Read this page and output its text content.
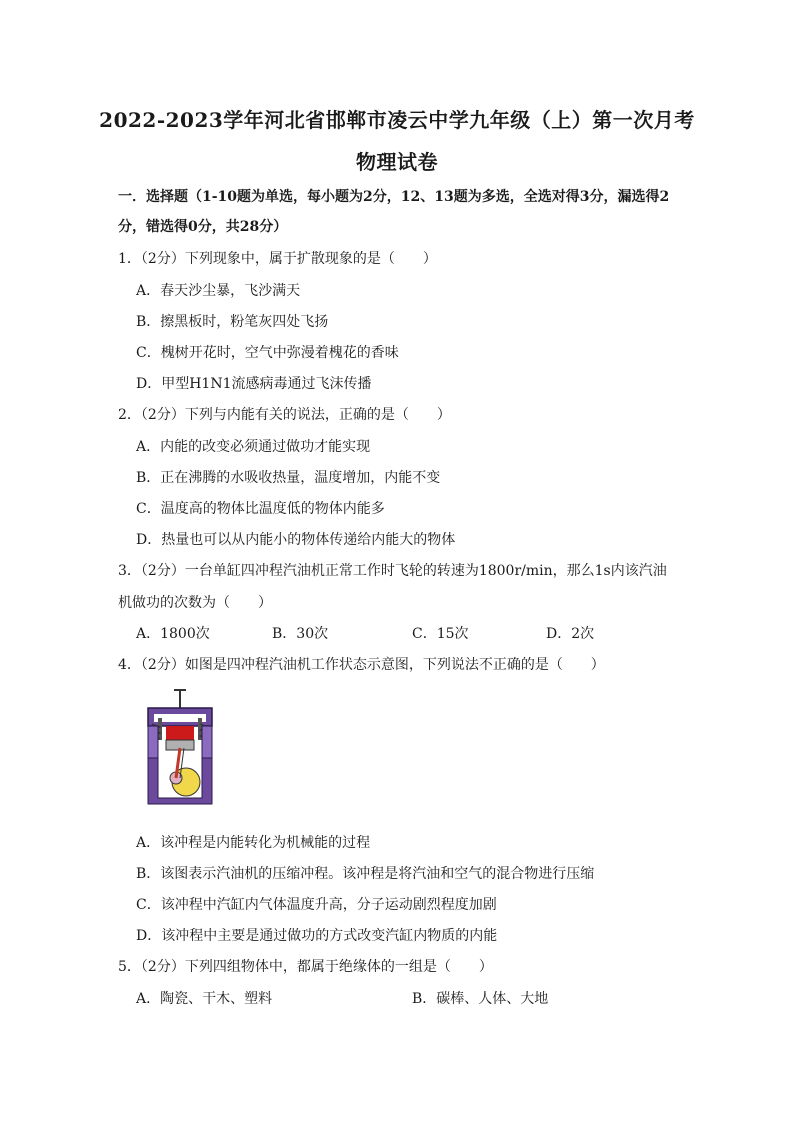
2022-2023学年河北省邯郸市凌云中学九年级（上）第一次月考
物理试卷
一．选择题（1-10题为单选，每小题为2分，12、13题为多选，全选对得3分，漏选得2
分，错选得0分，共28分）
1．（2分）下列现象中，属于扩散现象的是（　　）
A．春天沙尘暴，飞沙满天
B．擦黑板时，粉笔灰四处飞扬
C．槐树开花时，空气中弥漫着槐花的香味
D．甲型H1N1流感病毒通过飞沫传播
2．（2分）下列与内能有关的说法，正确的是（　　）
A．内能的改变必须通过做功才能实现
B．正在沸腾的水吸收热量，温度增加，内能不变
C．温度高的物体比温度低的物体内能多
D．热量也可以从内能小的物体传递给内能大的物体
3．（2分）一台单缸四冲程汽油机正常工作时飞轮的转速为1800r/min，那么1s内该汽油
机做功的次数为（　　）
A．1800次	B．30次	C．15次	D．2次
4．（2分）如图是四冲程汽油机工作状态示意图，下列说法不正确的是（　　）
A．该冲程是内能转化为机械能的过程
B．该图表示汽油机的压缩冲程。该冲程是将汽油和空气的混合物进行压缩
C．该冲程中汽缸内气体温度升高，分子运动剧烈程度加剧
D．该冲程中主要是通过做功的方式改变汽缸内物质的内能
5．（2分）下列四组物体中，都属于绝缘体的一组是（　　）
A．陶瓷、干木、塑料	B．碳棒、人体、大地
